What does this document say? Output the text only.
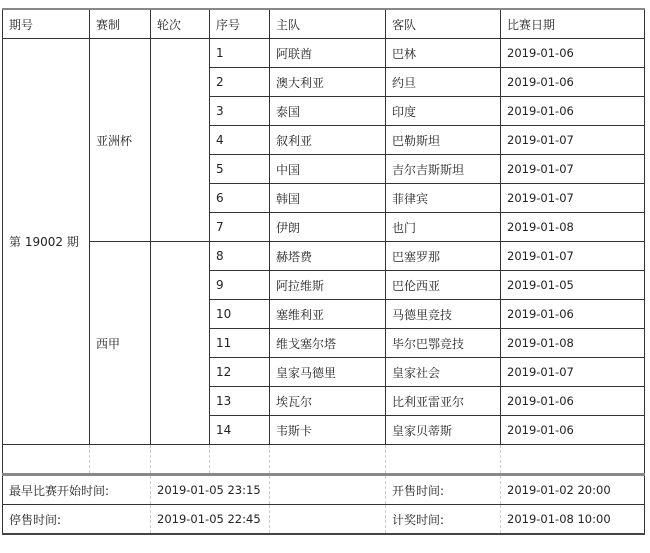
期号	赛制	轮次	序号	主队	客队	比赛日期
第 19002 期	亚洲杯		1	阿联酋	巴林	2019-01-06
			2	澳大利亚	约旦	2019-01-06
			3	泰国	印度	2019-01-06
			4	叙利亚	巴勒斯坦	2019-01-07
			5	中国	吉尔吉斯斯坦	2019-01-07
			6	韩国	菲律宾	2019-01-07
			7	伊朗	也门	2019-01-08
	西甲		8	赫塔费	巴塞罗那	2019-01-07
			9	阿拉维斯	巴伦西亚	2019-01-05
			10	塞维利亚	马德里竞技	2019-01-06
			11	维戈塞尔塔	毕尔巴鄂竞技	2019-01-08
			12	皇家马德里	皇家社会	2019-01-07
			13	埃瓦尔	比利亚雷亚尔	2019-01-06
			14	韦斯卡	皇家贝蒂斯	2019-01-06

最早比赛开始时间:		2019-01-05 23:15			开售时间:	2019-01-02 20:00
停售时间:		2019-01-05 22:45			计奖时间:	2019-01-08 10:00
